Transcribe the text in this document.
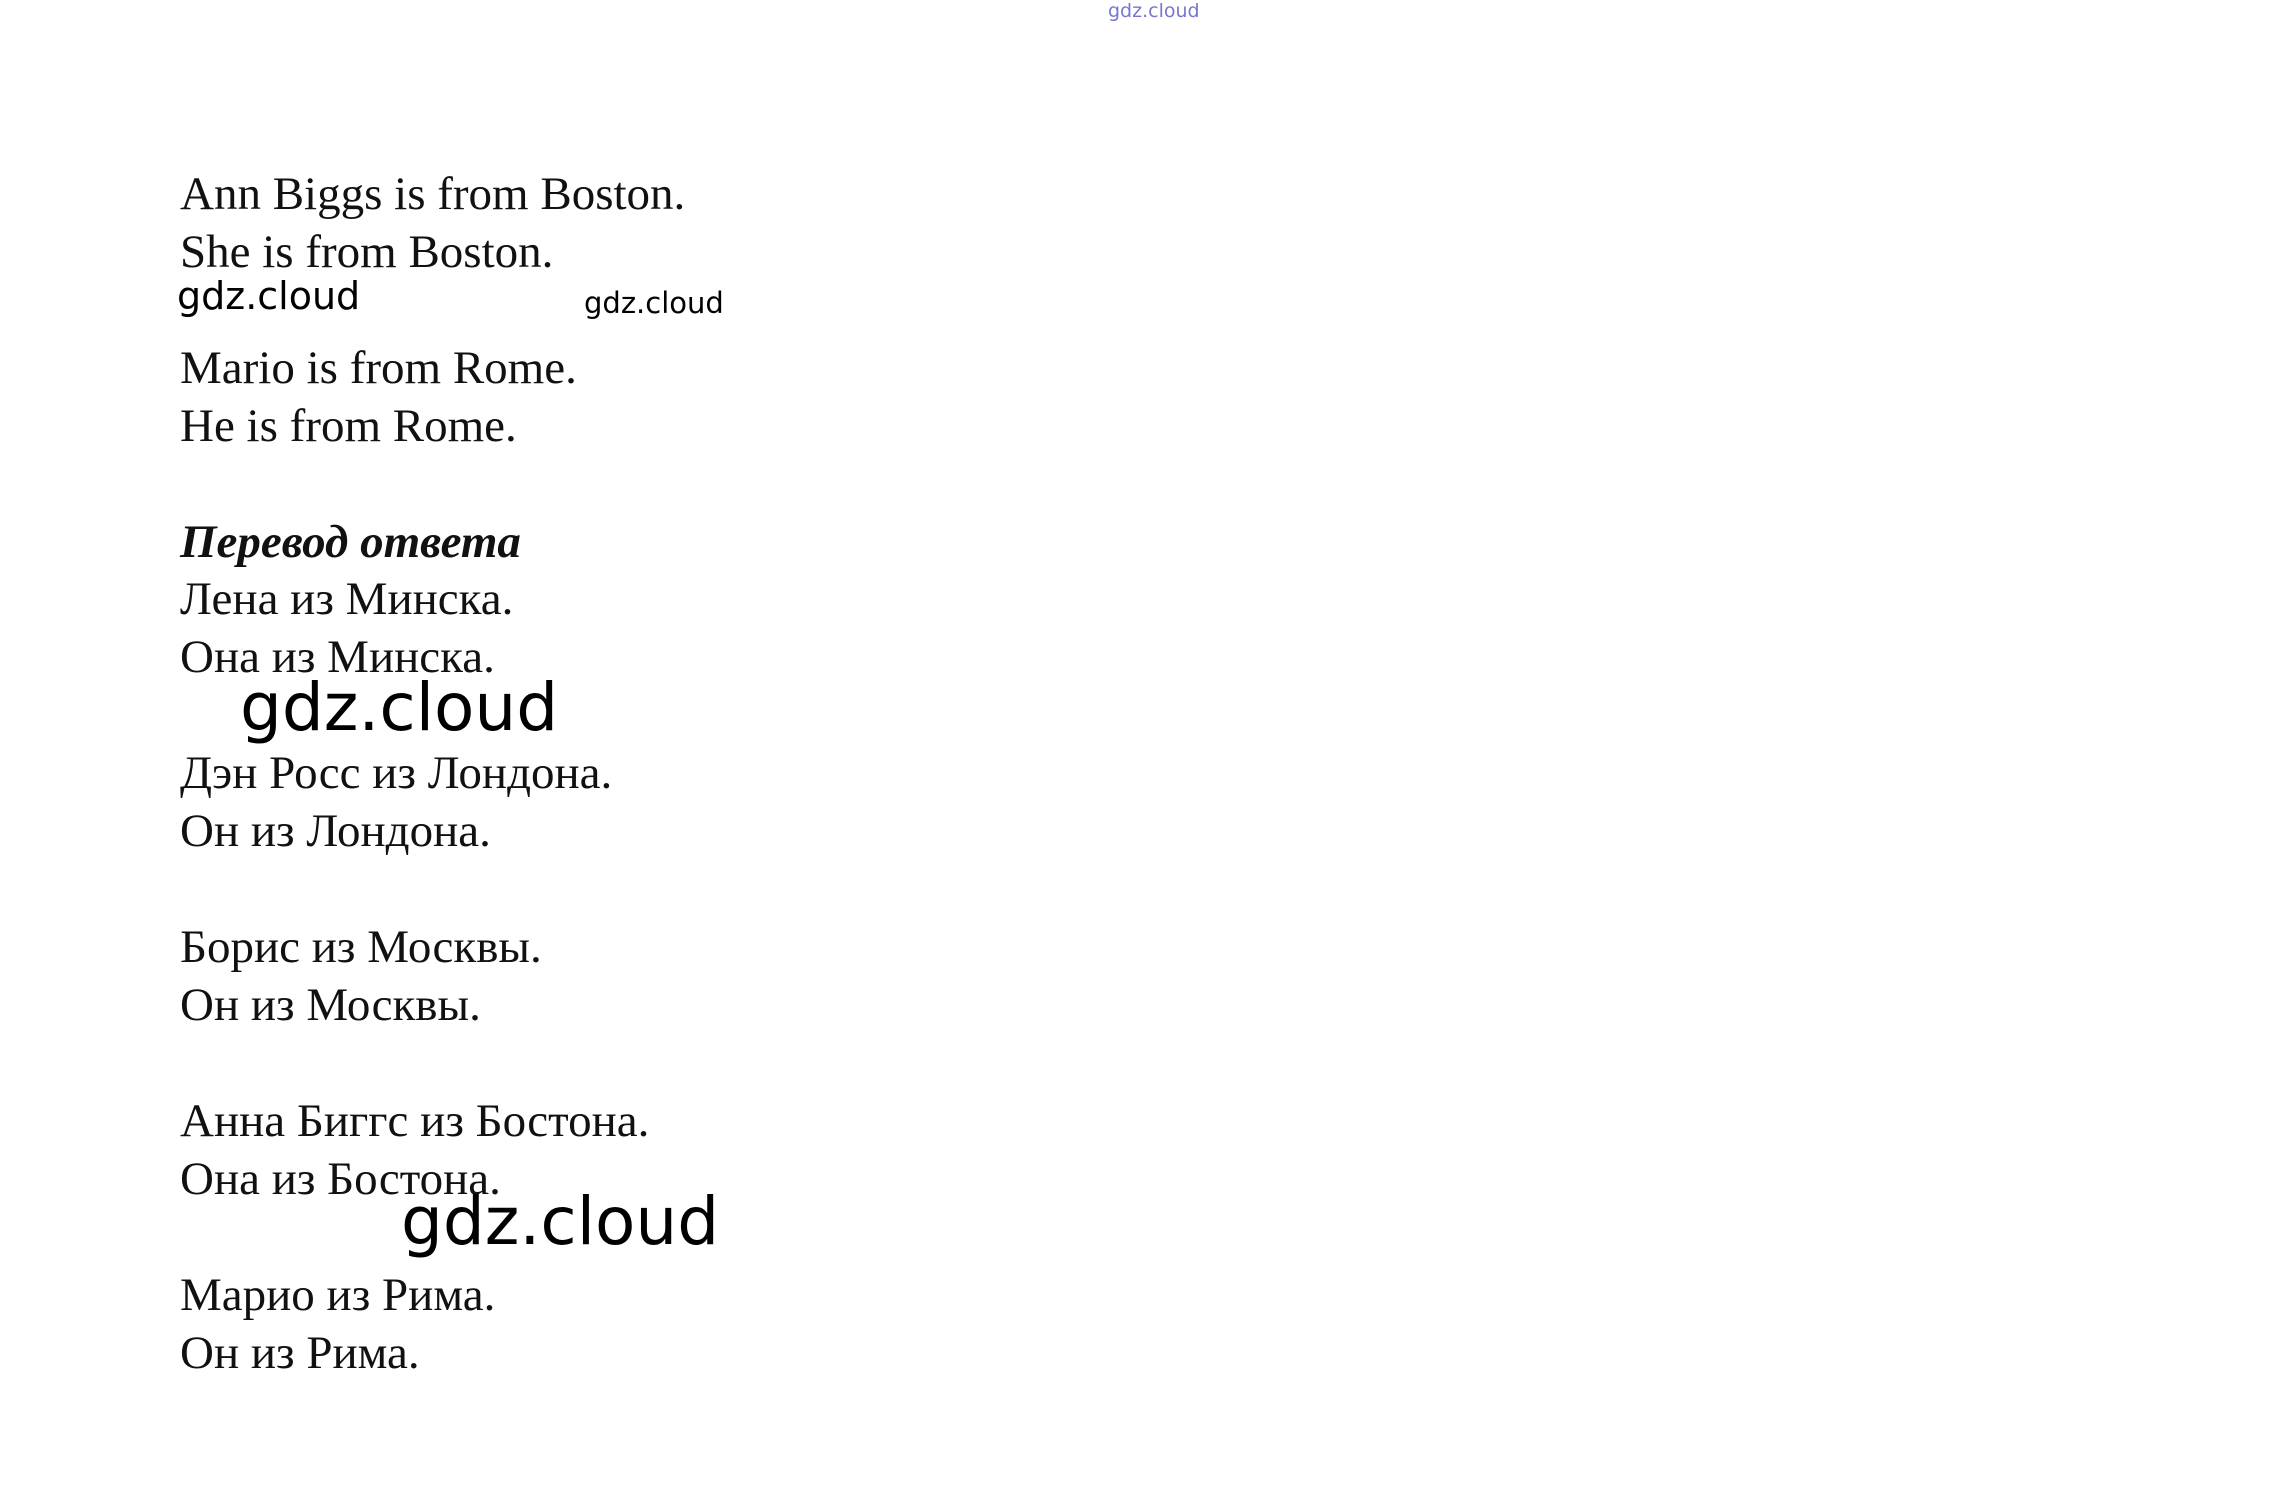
gdz.cloud
Ann Biggs is from Boston.
She is from Boston.
Mario is from Rome.
He is from Rome.
Перевод ответа
Лена из Минска.
Она из Минска.
Дэн Росс из Лондона.
Он из Лондона.
Борис из Москвы.
Он из Москвы.
Анна Биггс из Бостона.
Она из Бостона.
Марио из Рима.
Он из Рима.
gdz.cloud	gdz.cloud
gdz.cloud
gdz.cloud
